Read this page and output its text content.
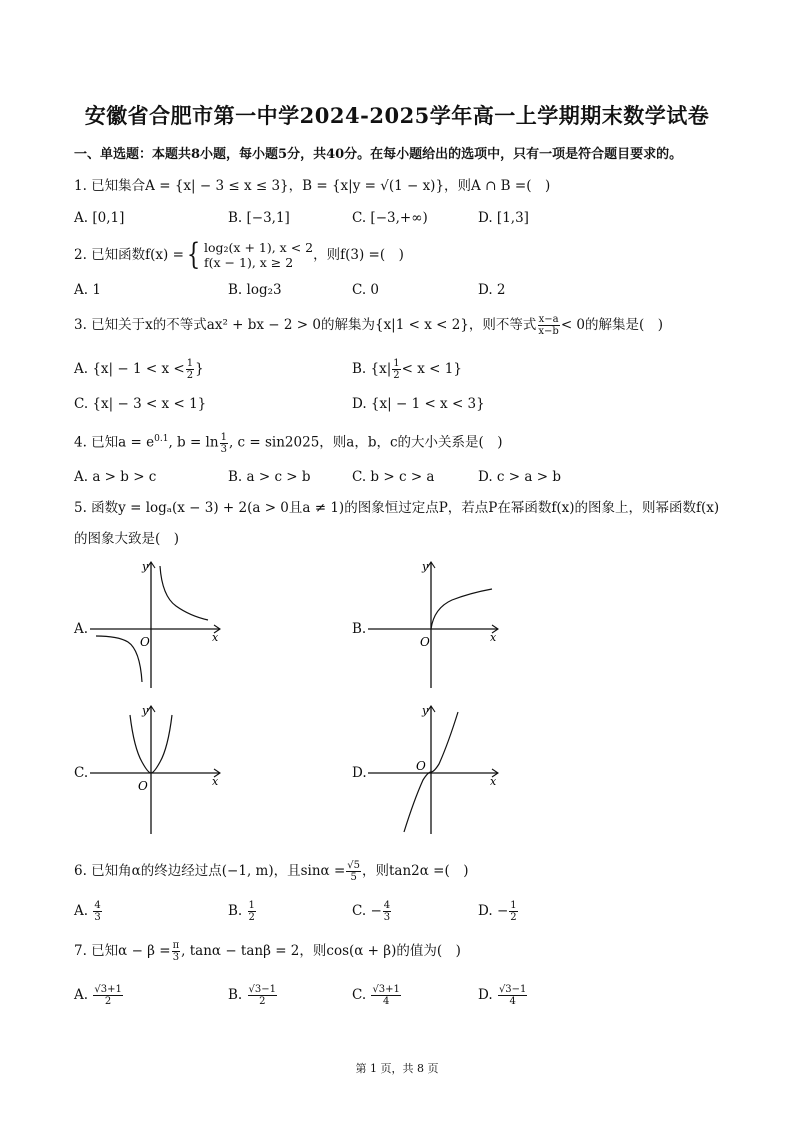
安徽省合肥市第一中学2024-2025学年高一上学期期末数学试卷
一、单选题：本题共8小题，每小题5分，共40分。在每小题给出的选项中，只有一项是符合题目要求的。
1. 已知集合A = {x| − 3 ≤ x ≤ 3}，B = {x|y = √(1 − x)}，则A ∩ B =(　)
A. [0,1]	B. [−3,1]	C. [−3,+∞)	D. [1,3]
2. 已知函数f(x) = { log₂(x + 1), x < 2
f(x − 1), x ≥ 2	，则f(3) =(　)
A. 1	B. log₂3	C. 0	D. 2
3. 已知关于x的不等式ax² + bx − 2 > 0的解集为{x|1 < x < 2}，则不等式 $\frac{x-a}{x-b} < 0$的解集是(　)
A. {$x| - 1 < x < \frac{1}{2}$ }	B. $\{x| \frac{1}{2} < x < 1\}$
C. {x| − 3 < x < 1}	D. {x| − 1 < x < 3}
4. 已知$a = e^{0.1}$, $b = \ln \frac{1}{3}$ , c = sin2025，则a，b，c的大小关系是(　)
A. a > b > c	B. a > c > b	C. b > c > a	D. c > a > b
5. 函数y = logₐ(x − 3) + 2(a > 0且a ≠ 1)的图象恒过定点P，若点P在幂函数f(x)的图象上，则幂函数f(x)
的图象大致是(　)
A.
O	x
y
B.
O	x
y
C.
O	x
y
D.	O
x
y
6. 已知角α的终边经过点(−1, m)，且$\sin\alpha = \frac{√5}{5}$ ，则tan2α =(　)
A. $\frac{4}{3}$	B. $\frac{1}{2}$	C. − $\frac{4}{3}$	D. − $\frac{1}{2}$
7. 已知$\alpha - \beta = \frac{\pi}{3}$ , tanα − tanβ = 2，则cos(α + β)的值为(　)
A. $\frac{√3+1}{2}$	B. $\frac{√3-1}{2}$	C. $\frac{√3+1}{4}$	D. $\frac{√3-1}{4}$
第 1 页，共 8 页
